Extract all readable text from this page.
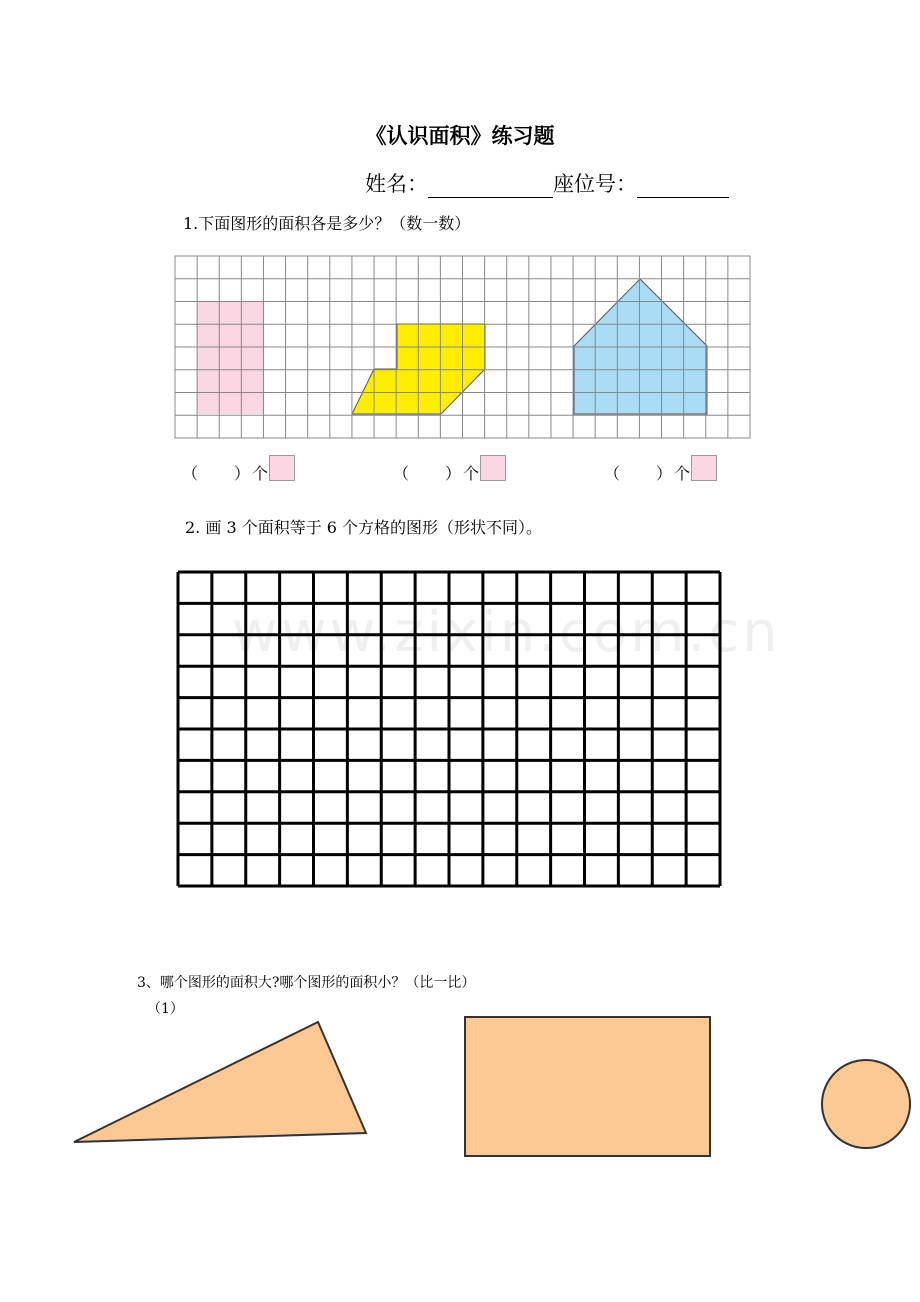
《认识面积》练习题
姓名：	座位号：
1.下面图形的面积各是多少？（数一数）
（ ） 个	（ ） 个	（ ） 个
2. 画 3 个面积等于 6 个方格的图形（形状不同）。
www.zixin.com.cn
3、哪个图形的面积大?哪个图形的面积小？（比一比）
（1）
